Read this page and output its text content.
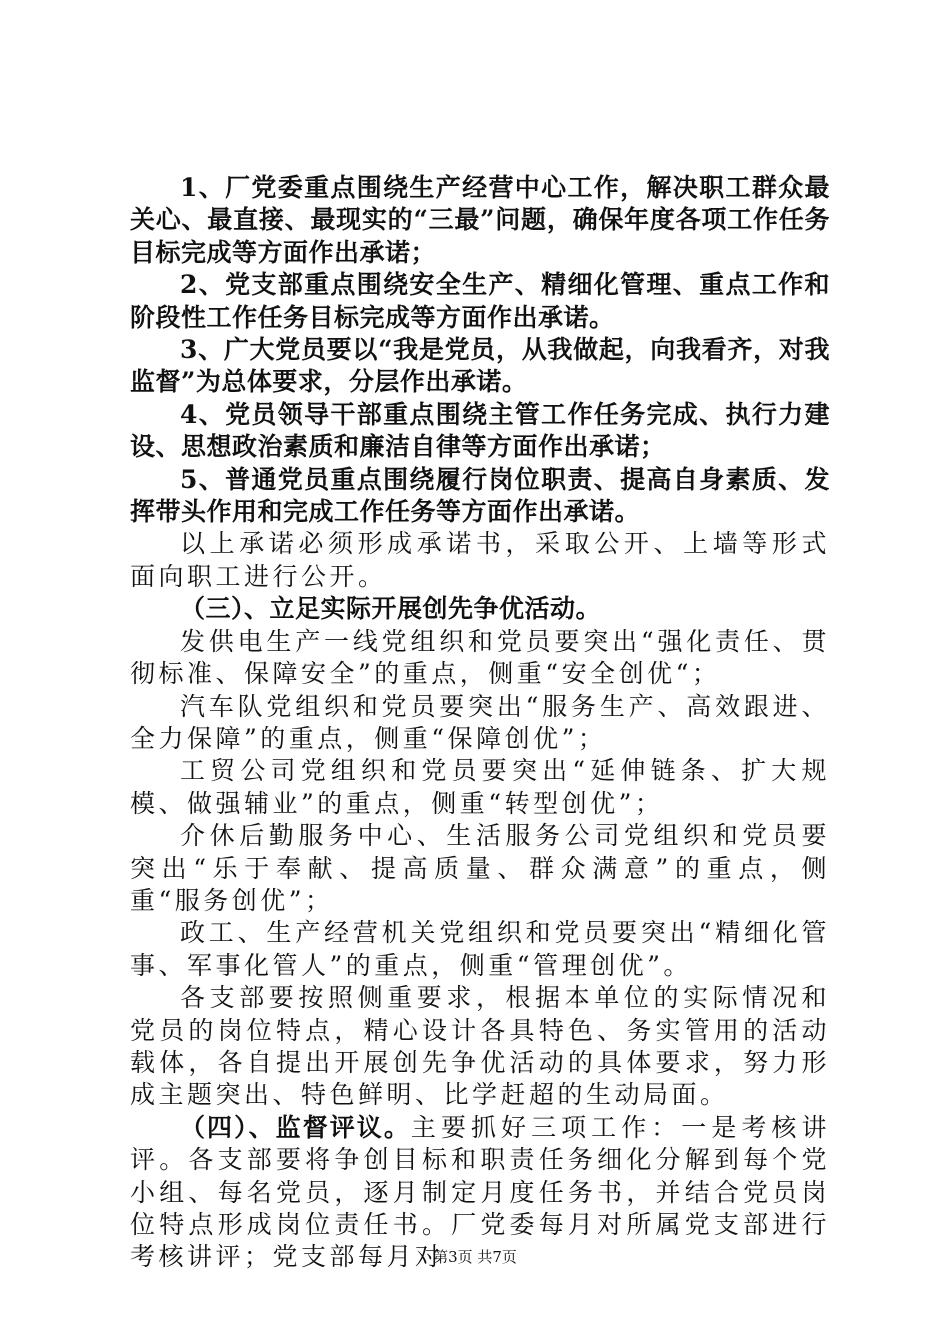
1、厂党委重点围绕生产经营中心工作，解决职工群众最关心、最直接、最现实的“三最”问题，确保年度各项工作任务目标完成等方面作出承诺；

2、党支部重点围绕安全生产、精细化管理、重点工作和阶段性工作任务目标完成等方面作出承诺。

3、广大党员要以“我是党员，从我做起，向我看齐，对我监督”为总体要求，分层作出承诺。

4、党员领导干部重点围绕主管工作任务完成、执行力建设、思想政治素质和廉洁自律等方面作出承诺；

5、普通党员重点围绕履行岗位职责、提高自身素质、发挥带头作用和完成工作任务等方面作出承诺。

以上承诺必须形成承诺书，采取公开、上墙等形式面向职工进行公开。

（三）、立足实际开展创先争优活动。

发供电生产一线党组织和党员要突出“强化责任、贯彻标准、保障安全”的重点，侧重“安全创优“；

汽车队党组织和党员要突出“服务生产、高效跟进、全力保障”的重点，侧重“保障创优”；

工贸公司党组织和党员要突出“延伸链条、扩大规模、做强辅业”的重点，侧重“转型创优”；

介休后勤服务中心、生活服务公司党组织和党员要突出“乐于奉献、提高质量、群众满意”的重点，侧重“服务创优”；

政工、生产经营机关党组织和党员要突出“精细化管事、军事化管人”的重点，侧重“管理创优”。

各支部要按照侧重要求，根据本单位的实际情况和党员的岗位特点，精心设计各具特色、务实管用的活动载体，各自提出开展创先争优活动的具体要求，努力形成主题突出、特色鲜明、比学赶超的生动局面。

（四）、监督评议。主要抓好三项工作：一是考核讲评。各支部要将争创目标和职责任务细化分解到每个党小组、每名党员，逐月制定月度任务书，并结合党员岗位特点形成岗位责任书。厂党委每月对所属党支部进行考核讲评；党支部每月对

第3页 共7页
